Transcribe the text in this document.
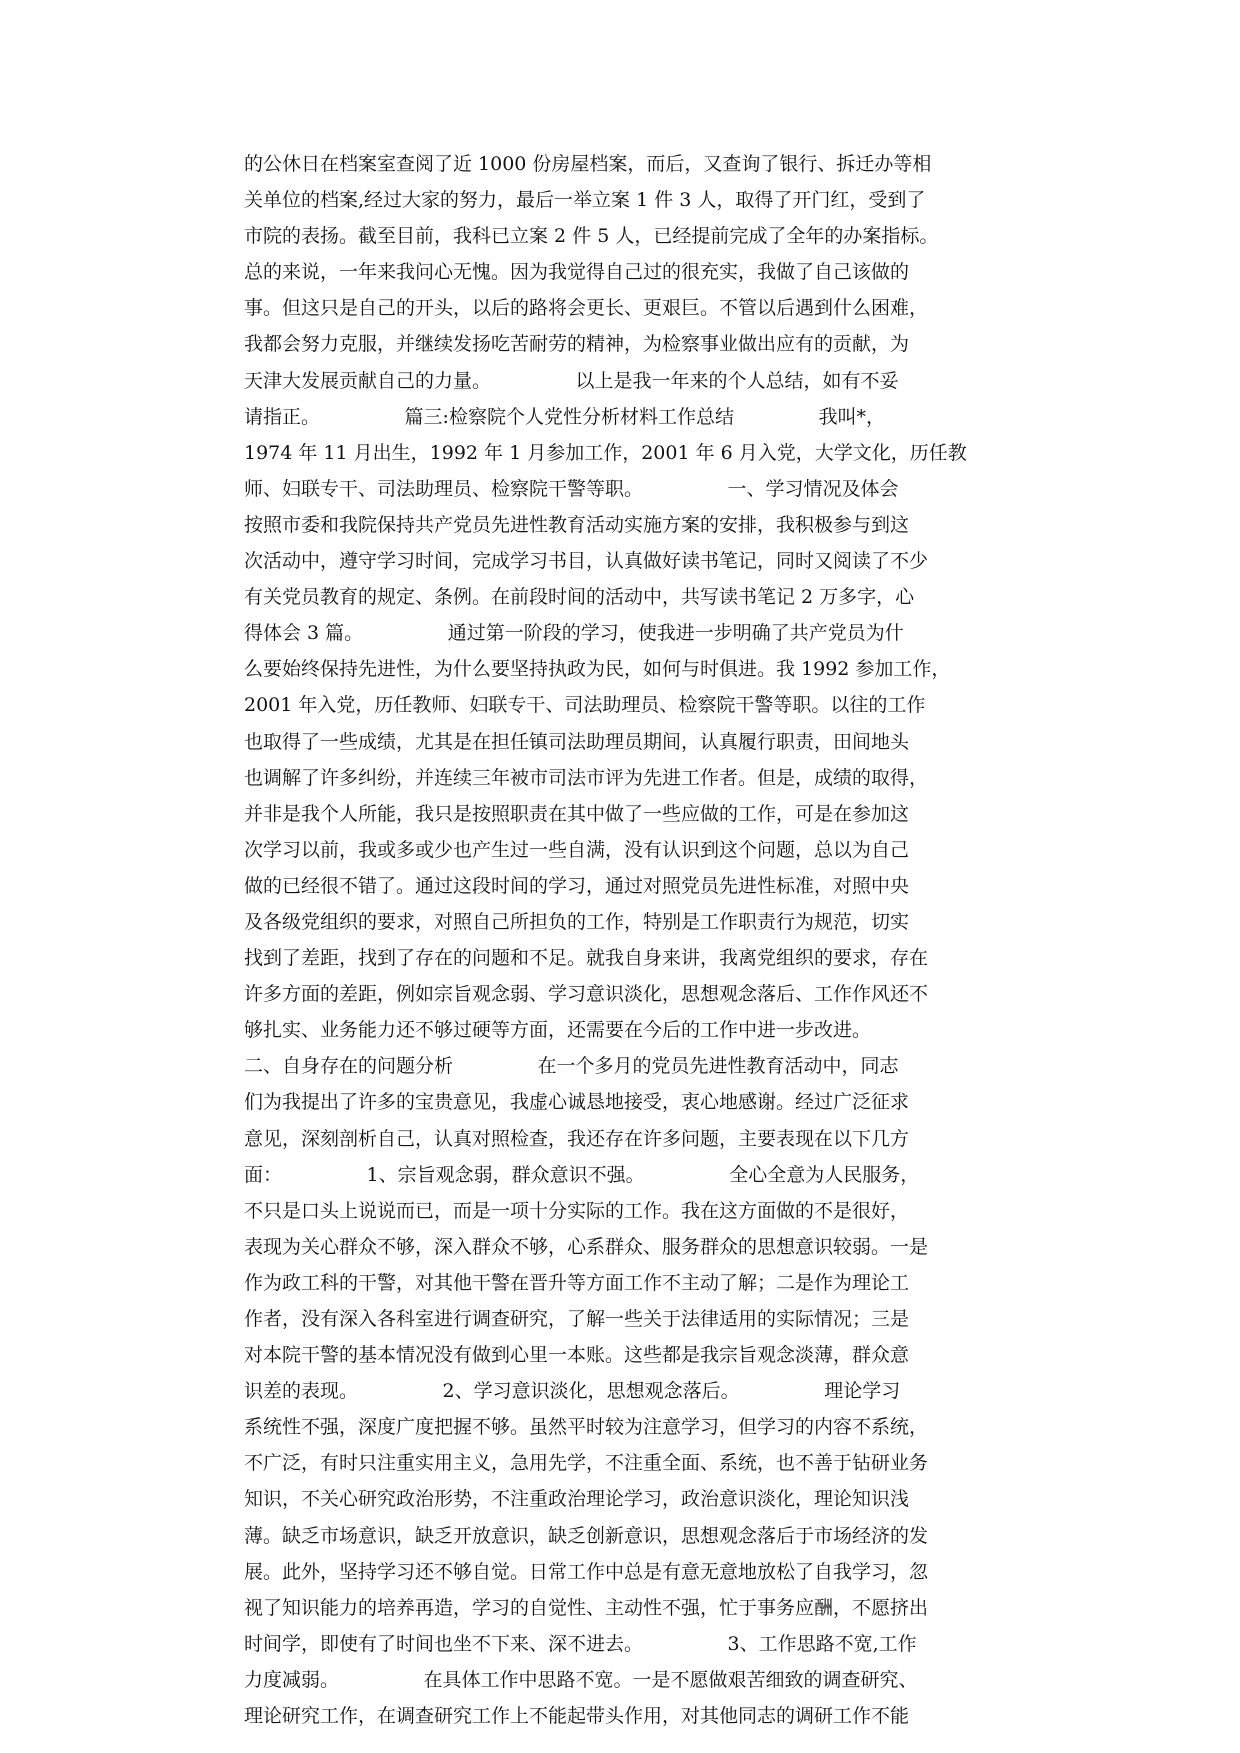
的公休日在档案室查阅了近 1000 份房屋档案，而后，又查询了银行、拆迁办等相
关单位的档案,经过大家的努力，最后一举立案 1 件 3 人，取得了开门红，受到了
市院的表扬。截至目前，我科已立案 2 件 5 人，已经提前完成了全年的办案指标。
总的来说，一年来我问心无愧。因为我觉得自己过的很充实，我做了自己该做的
事。但这只是自己的开头，以后的路将会更长、更艰巨。不管以后遇到什么困难，
我都会努力克服，并继续发扬吃苦耐劳的精神，为检察事业做出应有的贡献，为
天津大发展贡献自己的力量。              以上是我一年来的个人总结，如有不妥
请指正。              篇三:检察院个人党性分析材料工作总结              我叫*，
1974 年 11 月出生，1992 年 1 月参加工作，2001 年 6 月入党，大学文化，历任教
师、妇联专干、司法助理员、检察院干警等职。              一、学习情况及体会
按照市委和我院保持共产党员先进性教育活动实施方案的安排，我积极参与到这
次活动中，遵守学习时间，完成学习书目，认真做好读书笔记，同时又阅读了不少
有关党员教育的规定、条例。在前段时间的活动中，共写读书笔记 2 万多字，心
得体会 3 篇。              通过第一阶段的学习，使我进一步明确了共产党员为什
么要始终保持先进性，为什么要坚持执政为民，如何与时俱进。我 1992 参加工作，
2001 年入党，历任教师、妇联专干、司法助理员、检察院干警等职。以往的工作
也取得了一些成绩，尤其是在担任镇司法助理员期间，认真履行职责，田间地头
也调解了许多纠纷，并连续三年被市司法市评为先进工作者。但是，成绩的取得，
并非是我个人所能，我只是按照职责在其中做了一些应做的工作，可是在参加这
次学习以前，我或多或少也产生过一些自满，没有认识到这个问题，总以为自己
做的已经很不错了。通过这段时间的学习，通过对照党员先进性标准，对照中央
及各级党组织的要求，对照自己所担负的工作，特别是工作职责行为规范，切实
找到了差距，找到了存在的问题和不足。就我自身来讲，我离党组织的要求，存在
许多方面的差距，例如宗旨观念弱、学习意识淡化，思想观念落后、工作作风还不
够扎实、业务能力还不够过硬等方面，还需要在今后的工作中进一步改进。
二、自身存在的问题分析              在一个多月的党员先进性教育活动中，同志
们为我提出了许多的宝贵意见，我虚心诚恳地接受，衷心地感谢。经过广泛征求
意见，深刻剖析自己，认真对照检查，我还存在许多问题，主要表现在以下几方
面：              1、宗旨观念弱，群众意识不强。              全心全意为人民服务，
不只是口头上说说而已，而是一项十分实际的工作。我在这方面做的不是很好，
表现为关心群众不够，深入群众不够，心系群众、服务群众的思想意识较弱。一是
作为政工科的干警，对其他干警在晋升等方面工作不主动了解；二是作为理论工
作者，没有深入各科室进行调查研究，了解一些关于法律适用的实际情况；三是
对本院干警的基本情况没有做到心里一本账。这些都是我宗旨观念淡薄，群众意
识差的表现。              2、学习意识淡化，思想观念落后。              理论学习
系统性不强，深度广度把握不够。虽然平时较为注意学习，但学习的内容不系统，
不广泛，有时只注重实用主义，急用先学，不注重全面、系统，也不善于钻研业务
知识，不关心研究政治形势，不注重政治理论学习，政治意识淡化，理论知识浅
薄。缺乏市场意识，缺乏开放意识，缺乏创新意识，思想观念落后于市场经济的发
展。此外，坚持学习还不够自觉。日常工作中总是有意无意地放松了自我学习，忽
视了知识能力的培养再造，学习的自觉性、主动性不强，忙于事务应酬，不愿挤出
时间学，即使有了时间也坐不下来、深不进去。              3、工作思路不宽,工作
力度减弱。              在具体工作中思路不宽。一是不愿做艰苦细致的调查研究、
理论研究工作，在调查研究工作上不能起带头作用，对其他同志的调研工作不能
